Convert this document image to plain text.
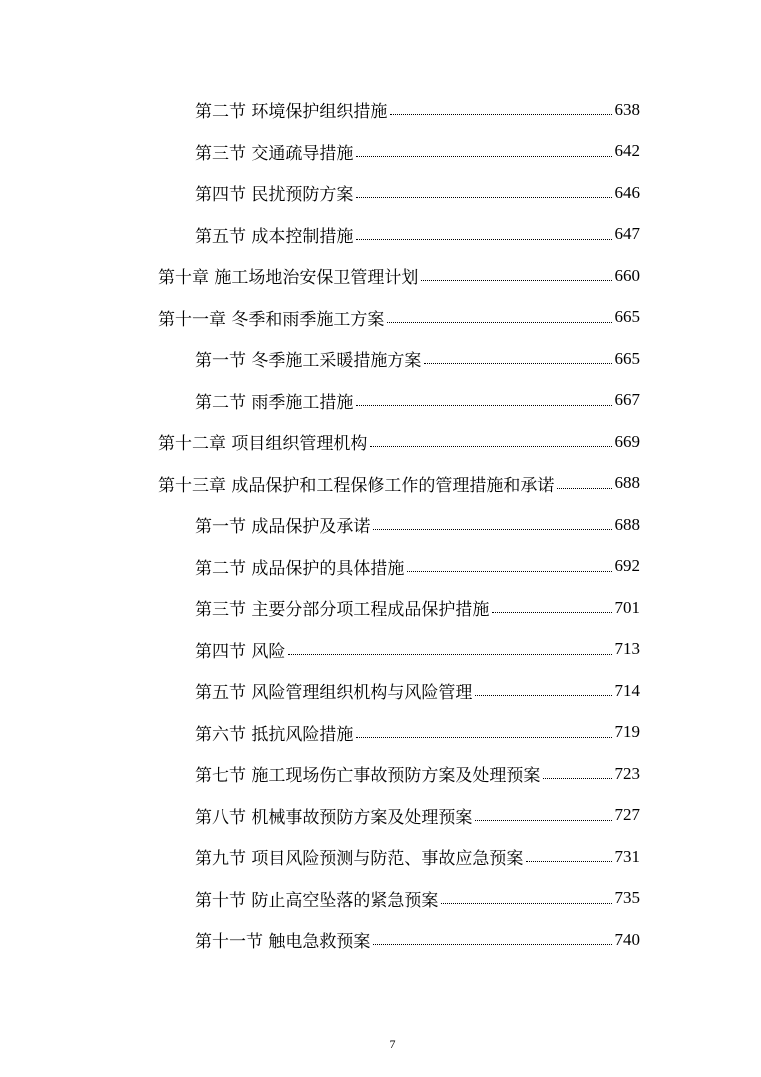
第二节 环境保护组织措施	638
第三节 交通疏导措施	642
第四节 民扰预防方案	646
第五节 成本控制措施	647
第十章 施工场地治安保卫管理计划	660
第十一章 冬季和雨季施工方案	665
第一节 冬季施工采暖措施方案	665
第二节 雨季施工措施	667
第十二章 项目组织管理机构	669
第十三章 成品保护和工程保修工作的管理措施和承诺	688
第一节 成品保护及承诺	688
第二节 成品保护的具体措施	692
第三节 主要分部分项工程成品保护措施	701
第四节 风险	713
第五节 风险管理组织机构与风险管理	714
第六节 抵抗风险措施	719
第七节 施工现场伤亡事故预防方案及处理预案	723
第八节 机械事故预防方案及处理预案	727
第九节 项目风险预测与防范、事故应急预案	731
第十节 防止高空坠落的紧急预案	735
第十一节 触电急救预案	740
7
